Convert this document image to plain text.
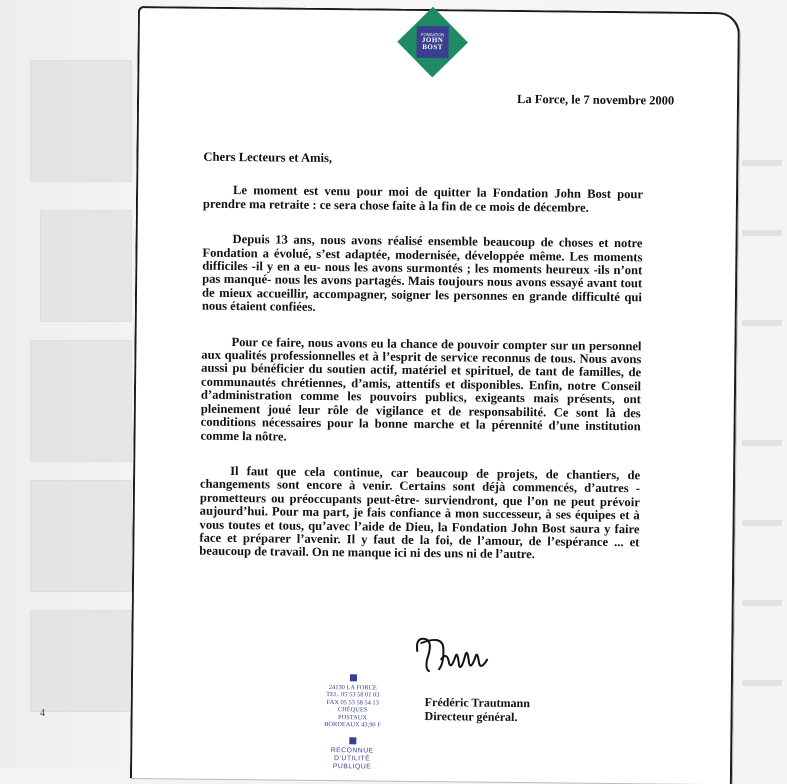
4
FONDATION
JOHN
BOST
La Force, le 7 novembre 2000

Chers Lecteurs et Amis,

Le moment est venu pour moi de quitter la Fondation John Bost pour prendre ma retraite : ce sera chose faite à la fin de ce mois de décembre.

Depuis 13 ans, nous avons réalisé ensemble beaucoup de choses et notre Fondation a évolué, s’est adaptée, modernisée, développée même. Les moments difficiles -il y en a eu- nous les avons surmontés ; les moments heureux -ils n’ont pas manqué- nous les avons partagés. Mais toujours nous avons essayé avant tout de mieux accueillir, accompagner, soigner les personnes en grande difficulté qui nous étaient confiées.

Pour ce faire, nous avons eu la chance de pouvoir compter sur un personnel aux qualités professionnelles et à l’esprit de service reconnus de tous. Nous avons aussi pu bénéficier du soutien actif, matériel et spirituel, de tant de familles, de communautés chrétiennes, d’amis, attentifs et disponibles. Enfin, notre Conseil d’administration comme les pouvoirs publics, exigeants mais présents, ont pleinement joué leur rôle de vigilance et de responsabilité. Ce sont là des conditions nécessaires pour la bonne marche et la pérennité d’une institution comme la nôtre.

Il faut que cela continue, car beaucoup de projets, de chantiers, de changements sont encore à venir. Certains sont déjà commencés, d’autres -prometteurs ou préoccupants peut-être- surviendront, que l’on ne peut prévoir aujourd’hui. Pour ma part, je fais confiance à mon successeur, à ses équipes et à vous toutes et tous, qu’avec l’aide de Dieu, la Fondation John Bost saura y faire face et préparer l’avenir. Il y faut de la foi, de l’amour, de l’espérance ... et beaucoup de travail. On ne manque ici ni des uns ni de l’autre.

Frédéric Trautmann
Directeur général.
24130 LA FORCE
TEL. 05 53 58 01 03
FAX 05 53 58 54 13
CHÈQUES POSTAUX
BORDEAUX 43,90 F
RECONNUE
D’UTILITÉ
PUBLIQUE
